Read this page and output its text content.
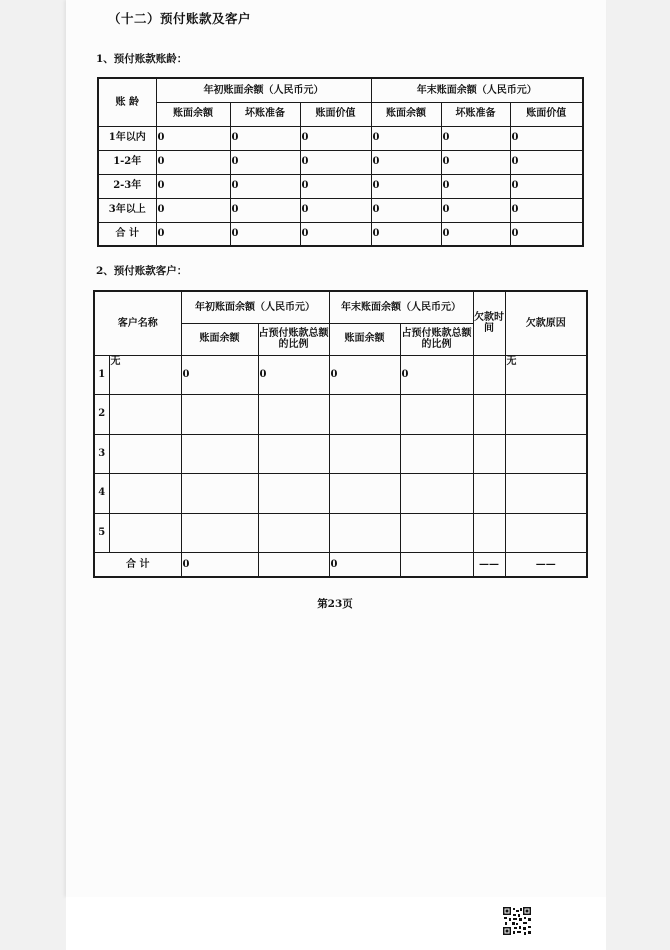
（十二）预付账款及客户
1、预付账款账龄：
账 龄	年初账面余额（人民币元）			年末账面余额（人民币元）		
	账面余额	坏账准备	账面价值	账面余额	坏账准备	账面价值
1年以内	0	0	0	0	0	0
1-2年	0	0	0	0	0	0
2-3年	0	0	0	0	0	0
3年以上	0	0	0	0	0	0
合 计	0	0	0	0	0	0
2、预付账款客户：
客户名称		年初账面余额（人民币元）		年末账面余额（人民币元）		欠款时间	欠款原因
		账面余额	占预付账款总额的比例	账面余额	占预付账款总额的比例		
1	无	0	0	0	0		无
2							
3							
4							
5							
合 计		0		0		——	——
第23页
